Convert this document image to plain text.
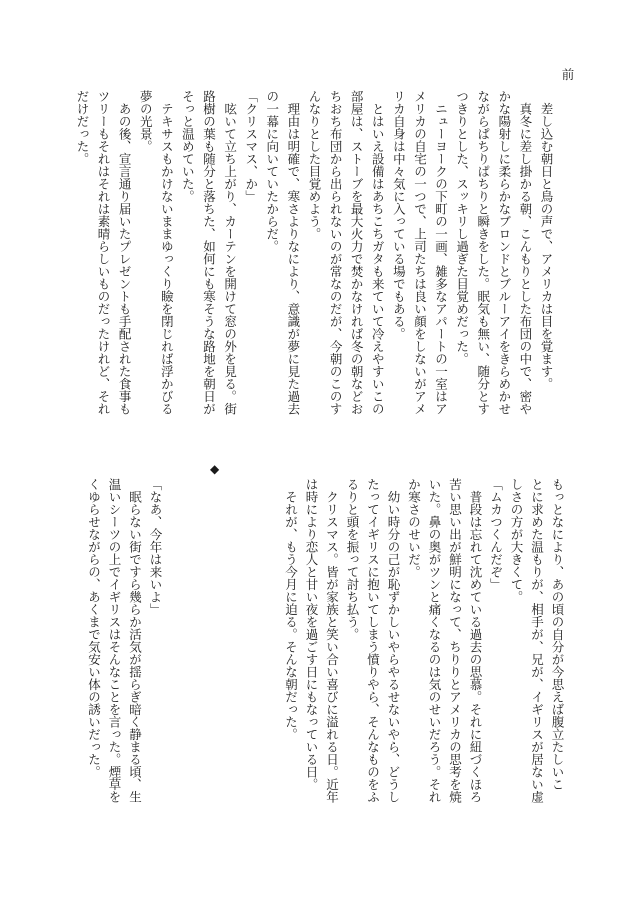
前
　差し込む朝日と鳥の声で、アメリカは目を覚ます。
　真冬に差し掛かる朝、こんもりとした布団の中で、密や
かな陽射しに柔らかなブロンドとブルーアイをきらめかせ
ながらぱちりぱちりと瞬きをした。眠気も無い、随分とす
つきりとした、スッキリし過ぎた目覚めだった。
　ニューヨークの下町の一画、雑多なアパートの一室はア
メリカの自宅の一つで、上司たちは良い顔をしないがアメ
リカ自身は中々気に入っている場でもある。
　とはいえ設備はあちこちガタも来ていて冷えやすいこの
部屋は、ストーブを最大火力で焚かなければ冬の朝などお
ちおち布団から出られないのが常なのだが、今朝のこのす
んなりとした目覚めよう。
　理由は明確で、寒さよりなにより、意識が夢に見た過去
の一幕に向いていたからだ。
「クリスマス、か」
　呟いて立ち上がり、カーテンを開けて窓の外を見る。街
路樹の葉も随分と落ちた、如何にも寒そうな路地を朝日が
そっと温めていた。
　テキサスもかけないままゆっくり瞼を閉じれば浮かびる
夢の光景。
　あの後、宣言通り届いたプレゼントも手配された食事も
ツリーもそれはそれは素晴らしいものだったけれど、それ
だけだった。
もっとなにより、あの頃の自分が今思えば腹立たしいこ
とに求めた温もりが、相手が、兄が、イギリスが居ない虚
しさの方が大きくて。
「ムカつくんだぞ」
　普段は忘れて沈めている過去の思慕。それに紐づくほろ
苦い思い出が鮮明になって、ちりりとアメリカの思考を焼
いた。鼻の奥がツンと痛くなるのは気のせいだろう。それ
か寒さのせいだ。
　幼い時分の己が恥ずかしいやらやるせないやら、どうし
たってイギリスに抱いてしまう憤りやら、そんなものをふ
るりと頭を振って討ち払う。
　クリスマス。皆が家族と笑い合い喜びに溢れる日。近年
は時により恋人と甘い夜を過ごす日にもなっている日。
　それが、もう今月に迫る。そんな朝だった。
◆
「なあ、今年は来いよ」
　眠らない街ですら幾らか活気が揺らぎ暗く静まる頃、生
温いシーツの上でイギリスはそんなことを言った。煙草を
くゆらせながらの、あくまで気安い体の誘いだった。
